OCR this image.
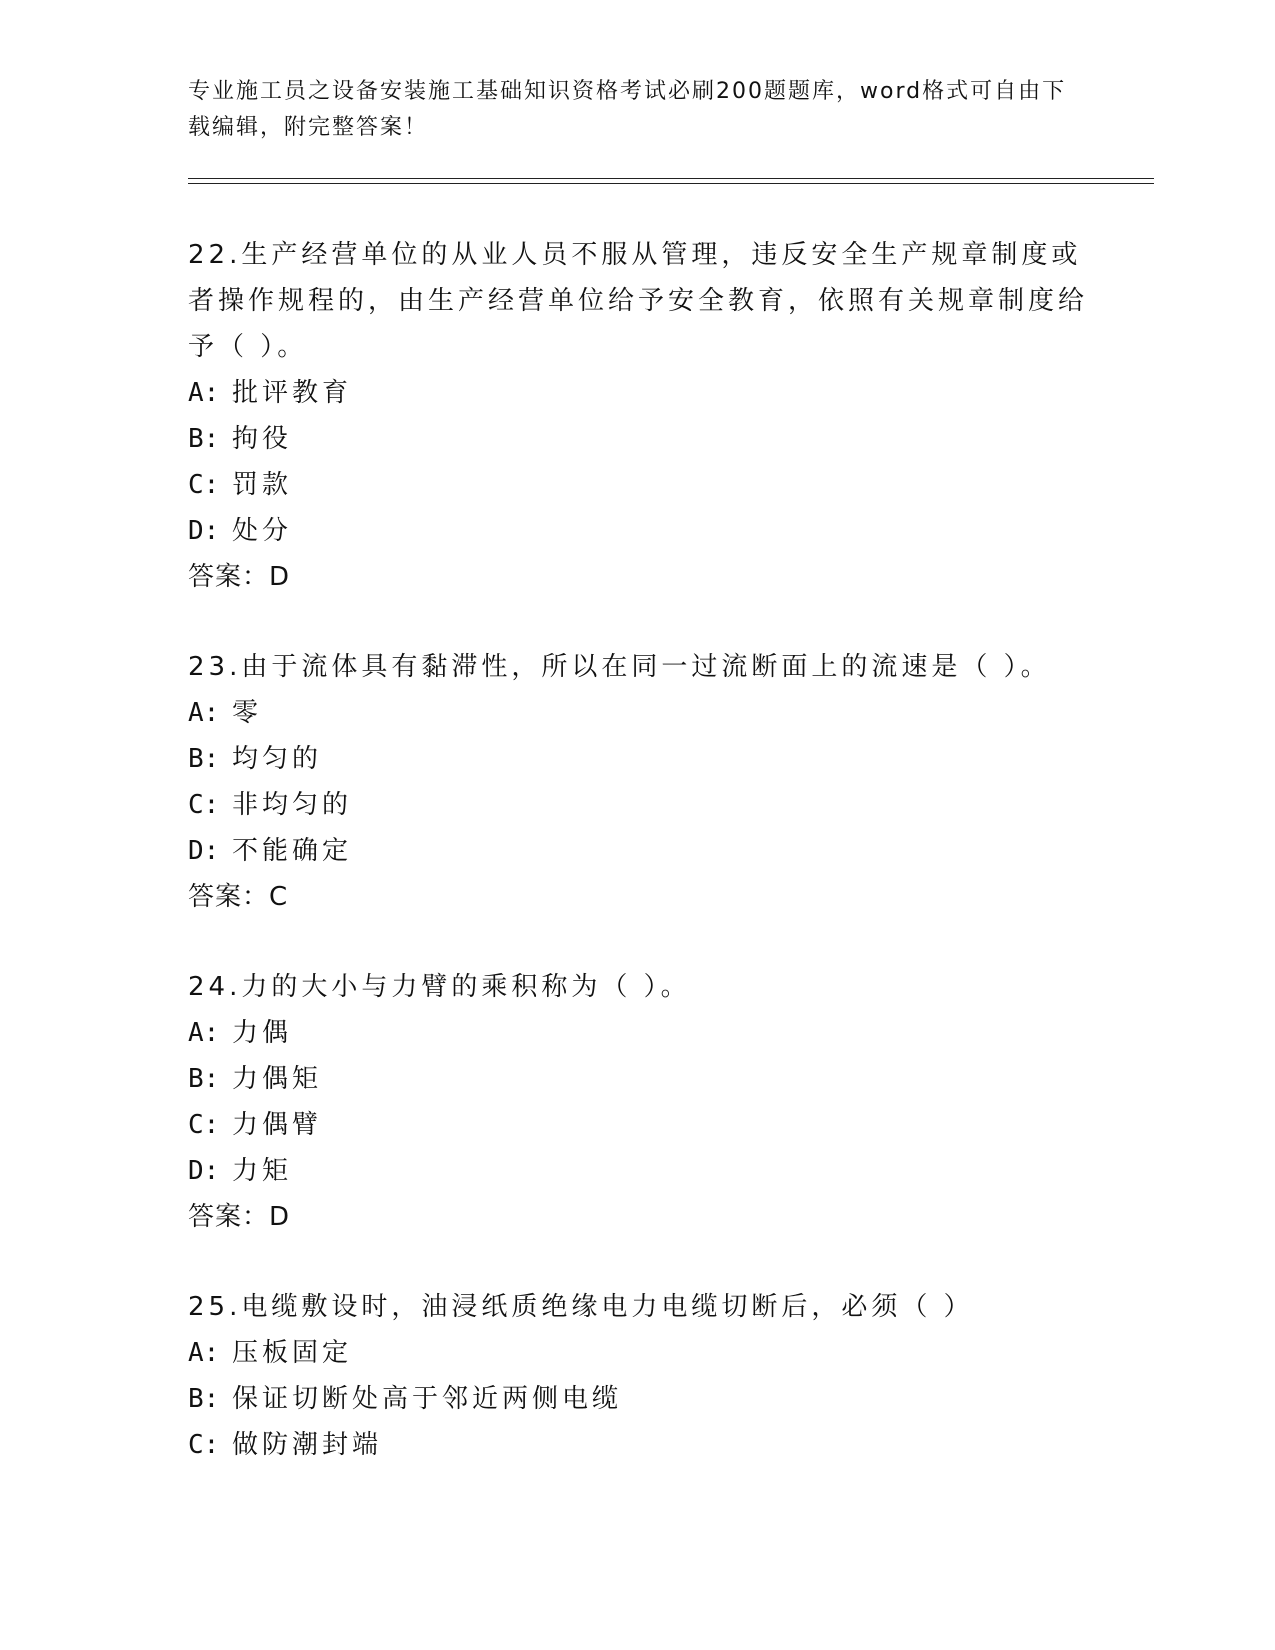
专业施工员之设备安装施工基础知识资格考试必刷200题题库，word格式可自由下载编辑，附完整答案！
22.生产经营单位的从业人员不服从管理，违反安全生产规章制度或者操作规程的，由生产经营单位给予安全教育，依照有关规章制度给予（ ）。
A: 批评教育
B: 拘役
C: 罚款
D: 处分
答案：D
23.由于流体具有黏滞性，所以在同一过流断面上的流速是（ ）。
A: 零
B: 均匀的
C: 非均匀的
D: 不能确定
答案：C
24.力的大小与力臂的乘积称为（ ）。
A: 力偶
B: 力偶矩
C: 力偶臂
D: 力矩
答案：D
25.电缆敷设时，油浸纸质绝缘电力电缆切断后，必须（ ）
A: 压板固定
B: 保证切断处高于邻近两侧电缆
C: 做防潮封端
